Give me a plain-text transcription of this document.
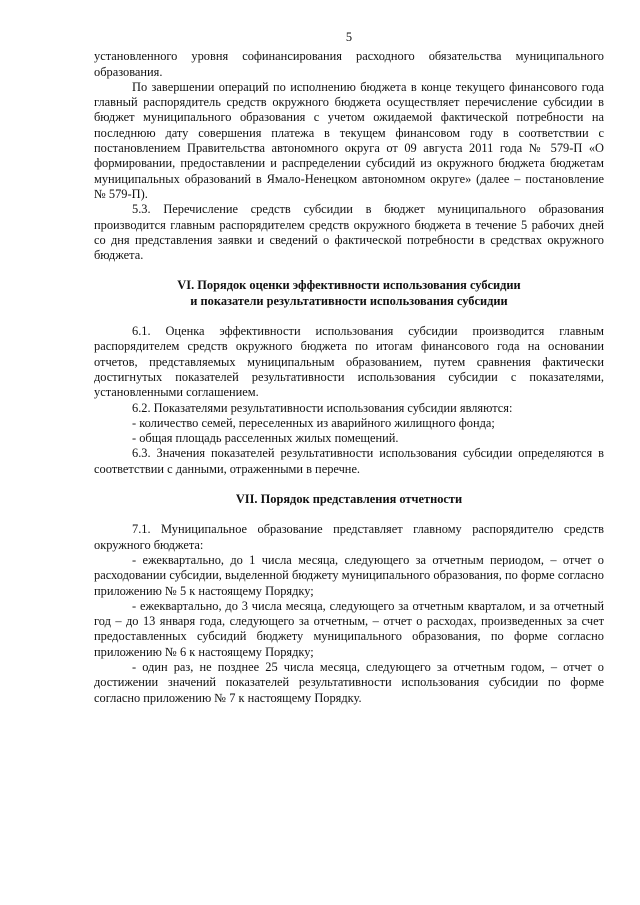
5

установленного уровня софинансирования расходного обязательства муниципального образования.

По завершении операций по исполнению бюджета в конце текущего финансового года главный распорядитель средств окружного бюджета осуществляет перечисление субсидии в бюджет муниципального образования с учетом ожидаемой фактической потребности на последнюю дату совершения платежа в текущем финансовом году в соответствии с постановлением Правительства автономного округа от 09 августа 2011 года № 579-П «О формировании, предоставлении и распределении субсидий из окружного бюджета бюджетам муниципальных образований в Ямало-Ненецком автономном округе» (далее – постановление № 579-П).

5.3. Перечисление средств субсидии в бюджет муниципального образования производится главным распорядителем средств окружного бюджета в течение 5 рабочих дней со дня представления заявки и сведений о фактической потребности в средствах окружного бюджета.

VI. Порядок оценки эффективности использования субсидии
и показатели результативности использования субсидии

6.1. Оценка эффективности использования субсидии производится главным распорядителем средств окружного бюджета по итогам финансового года на основании отчетов, представляемых муниципальным образованием, путем сравнения фактически достигнутых показателей результативности использования субсидии с показателями, установленными соглашением.

6.2. Показателями результативности использования субсидии являются:

- количество семей, переселенных из аварийного жилищного фонда;

- общая площадь расселенных жилых помещений.

6.3. Значения показателей результативности использования субсидии определяются в соответствии с данными, отраженными в перечне.

VII. Порядок представления отчетности

7.1. Муниципальное образование представляет главному распорядителю средств окружного бюджета:

- ежеквартально, до 1 числа месяца, следующего за отчетным периодом, – отчет о расходовании субсидии, выделенной бюджету муниципального образования, по форме согласно приложению № 5 к настоящему Порядку;

- ежеквартально, до 3 числа месяца, следующего за отчетным кварталом, и за отчетный год – до 13 января года, следующего за отчетным, – отчет о расходах, произведенных за счет предоставленных субсидий бюджету муниципального образования, по форме согласно приложению № 6 к настоящему Порядку;

- один раз, не позднее 25 числа месяца, следующего за отчетным годом, – отчет о достижении значений показателей результативности использования субсидии по форме согласно приложению № 7 к настоящему Порядку.
